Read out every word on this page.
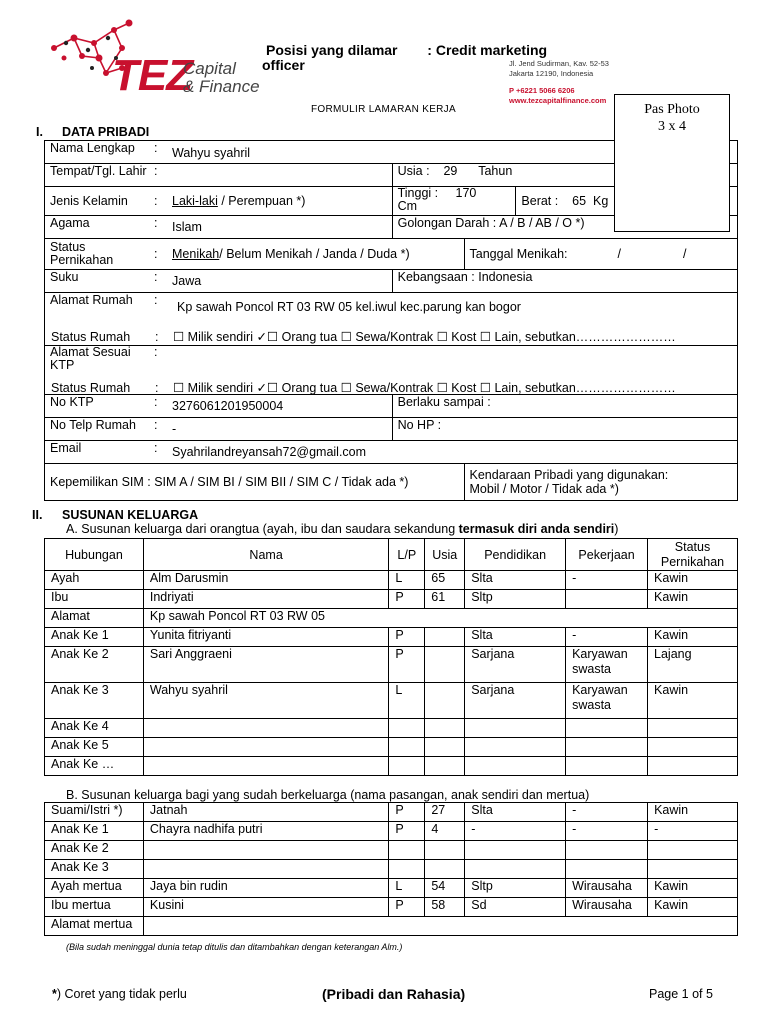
TEZ
Capital
& Finance
Posisi yang dilamar : Credit marketing
officer	Jl. Jend Sudirman, Kav. 52-53
Jakarta 12190, Indonesia
P +6221 5066 6206
www.tezcapitalfinance.com
FORMULIR LAMARAN KERJA	Pas Photo
3 x 4
I. DATA PRIBADI
Nama Lengkap : Wahyu syahril			
Tempat/Tgl. Lahir :	Usia : 29 Tahun		
Jenis Kelamin : Laki-laki / Perempuan *)	Tinggi : 170
Cm		Berat : 65 Kg
Agama : Islam	Golongan Darah : A / B / AB / O *)		

Status
Pernikahan : Menikah / Belum Menikah / Janda / Duda *)		Tanggal Menikah: / /	
Suku : Jawa	Kebangsaan : Indonesia		

Alamat Rumah : Kp sawah Poncol RT 03 RW 05 kel.iwul kec.parung kan bogor
Status Rumah : ☐ Milik sendiri ✓☐ Orang tua ☐ Sewa/Kontrak ☐ Kost ☐ Lain, sebutkan……………………			

Alamat Sesuai
KTP:
Status Rumah : ☐ Milik sendiri ✓☐ Orang tua ☐ Sewa/Kontrak ☐ Kost ☐ Lain, sebutkan……………………			

No KTP : 3276061201950004	Berlaku sampai :		
No Telp Rumah : -	No HP :		
Email : Syahrilandreyansah72@gmail.com			
Kepemilikan SIM : SIM A / SIM BI / SIM BII / SIM C / Tidak ada *)		Kendaraan Pribadi yang digunakan:
Mobil / Motor / Tidak ada *)	
II. SUSUNAN KELUARGA
A. Susunan keluarga dari orangtua (ayah, ibu dan saudara sekandung termasuk diri anda sendiri)
Hubungan	Nama	L/P	Usia	Pendidikan	Pekerjaan	Status Pernikahan
Ayah	Alm Darusmin	L	65	Slta	-	Kawin
Ibu	Indriyati	P	61	Sltp		Kawin
Alamat	Kp sawah Poncol RT 03 RW 05					
Anak Ke 1	Yunita fitriyanti	P		Slta	-	Kawin
Anak Ke 2	Sari Anggraeni	P		Sarjana	Karyawan swasta	Lajang
Anak Ke 3	Wahyu syahril	L		Sarjana	Karyawan swasta	Kawin
Anak Ke 4						
Anak Ke 5						
Anak Ke …						
(Bila sudah meninggal dunia tetap ditulis dan ditambahkan dengan keterangan Alm.)
B. Susunan keluarga bagi yang sudah berkeluarga (nama pasangan, anak sendiri dan mertua)
Suami/Istri *)	Jatnah	P	27	Slta	-	Kawin
Anak Ke 1	Chayra nadhifa putri	P	4	-	-	-
Anak Ke 2						
Anak Ke 3						
Ayah mertua	Jaya bin rudin	L	54	Sltp	Wirausaha	Kawin
Ibu mertua	Kusini	P	58	Sd	Wirausaha	Kawin
Alamat mertua						
*) Coret yang tidak perlu	(Pribadi dan Rahasia)	Page 1 of 5
